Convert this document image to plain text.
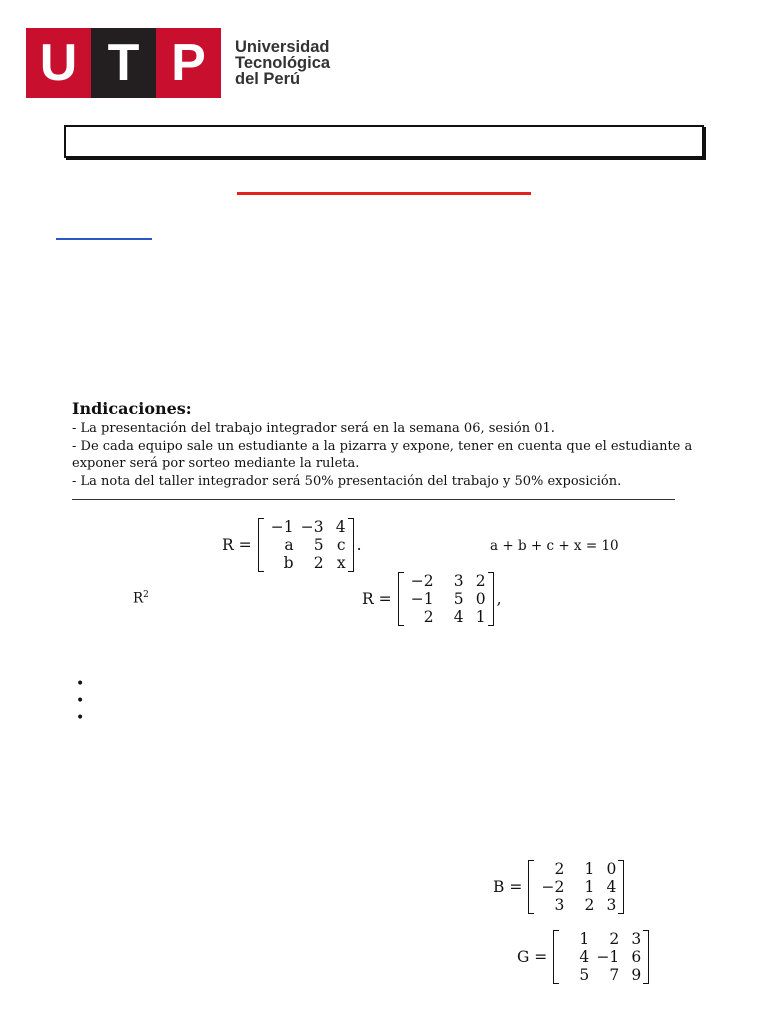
U T P	Universidad
Tecnológica
del Perú
Indicaciones:
- La presentación del trabajo integrador será en la semana 06, sesión 01.
- De cada equipo sale un estudiante a la pizarra y expone, tener en cuenta que el estudiante a
exponer será por sorteo mediante la ruleta.
- La nota del taller integrador será 50% presentación del trabajo y 50% exposición.
R =
−1 −3 4
a	5 c
b	2 x
.	a + b + c + x = 10
$R^2$	R =
−2	3 2
−1	5 0
2	4 1
,
•
•
•
B =
2	1 0
−2	1 4
3	2 3
G =
1	2 3
4 −1 6
5	7 9
